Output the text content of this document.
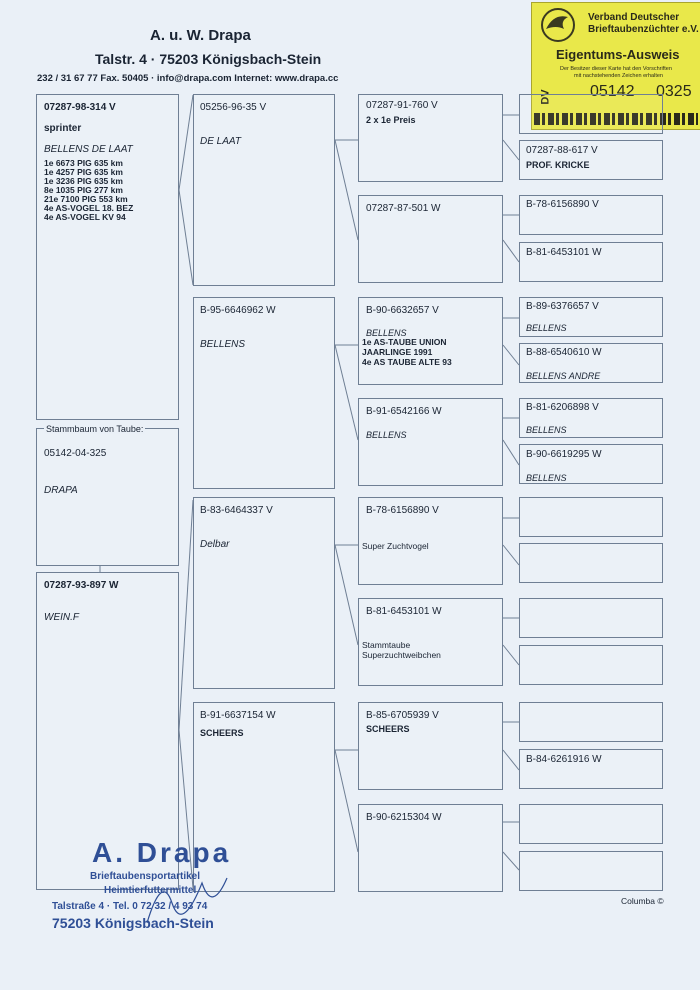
A. u. W. Drapa
Talstr. 4 · 75203 Königsbach-Stein
232 / 31 67 77 Fax. 50405 · info@drapa.com Internet: www.drapa.cc
Verband Deutscher
Brieftaubenzüchter e.V.
Eigentums-Ausweis
Der Besitzer dieser Karte hat den Vorschriften
mit nachstehenden Zeichen erhalten
DV 05142 0325
07287-98-314 V
sprinter
BELLENS DE LAAT
1e 6673 PIG 635 km
1e 4257 PIG 635 km
1e 3236 PIG 635 km
8e 1035 PIG 277 km
21e 7100 PIG 553 km
4e AS-VOGEL 18. BEZ
4e AS-VOGEL KV 94
Stammbaum von Taube:
05142-04-325
DRAPA
07287-93-897 W
WEIN.F
05256-96-35 V
DE LAAT
B-95-6646962 W
BELLENS
B-83-6464337 V
Delbar
B-91-6637154 W
SCHEERS
07287-91-760 V
2 x 1e Preis
07287-87-501 W
B-90-6632657 V
BELLENS
1e AS-TAUBE UNION
JAARLINGE 1991
4e AS TAUBE ALTE 93
B-91-6542166 W
BELLENS
B-78-6156890 V
Super Zuchtvogel
B-81-6453101 W
Stammtaube
Superzuchtweibchen
B-85-6705939 V
SCHEERS
B-90-6215304 W
07287-88-617 V
PROF. KRICKE
B-78-6156890 V
B-81-6453101 W
B-89-6376657 V
BELLENS
B-88-6540610 W
BELLENS ANDRE
B-81-6206898 V
BELLENS
B-90-6619295 W
BELLENS
B-84-6261916 W
Columba ©
A. Drapa
Brieftaubensportartikel
Heimtierfuttermittel
Talstraße 4 · Tel. 0 72 32 / 4 93 74
75203 Königsbach-Stein
